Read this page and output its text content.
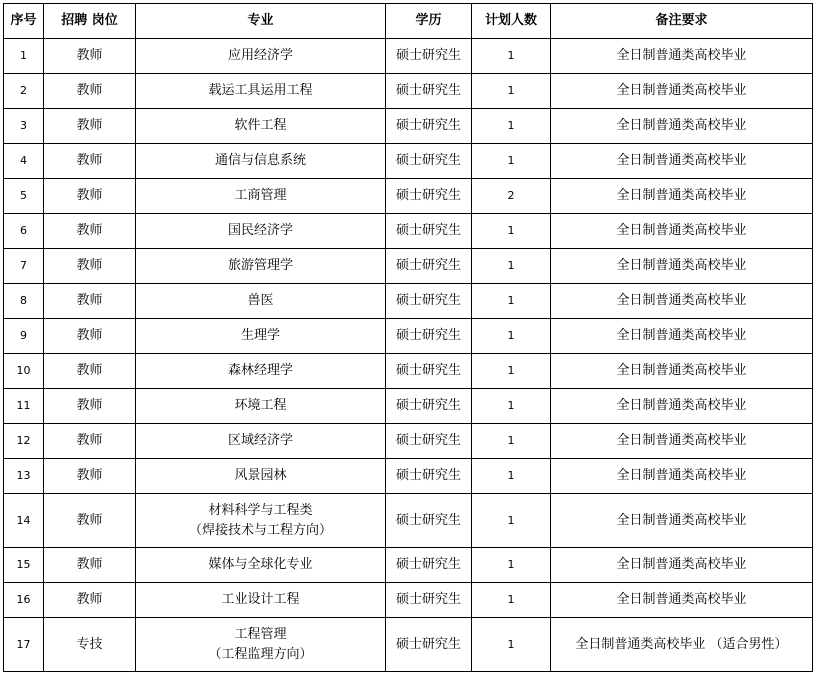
序号	招聘 岗位	专业	学历	计划人数	备注要求
1	教师	应用经济学	硕士研究生	1	全日制普通类高校毕业
2	教师	载运工具运用工程	硕士研究生	1	全日制普通类高校毕业
3	教师	软件工程	硕士研究生	1	全日制普通类高校毕业
4	教师	通信与信息系统	硕士研究生	1	全日制普通类高校毕业
5	教师	工商管理	硕士研究生	2	全日制普通类高校毕业
6	教师	国民经济学	硕士研究生	1	全日制普通类高校毕业
7	教师	旅游管理学	硕士研究生	1	全日制普通类高校毕业
8	教师	兽医	硕士研究生	1	全日制普通类高校毕业
9	教师	生理学	硕士研究生	1	全日制普通类高校毕业
10	教师	森林经理学	硕士研究生	1	全日制普通类高校毕业
11	教师	环境工程	硕士研究生	1	全日制普通类高校毕业
12	教师	区域经济学	硕士研究生	1	全日制普通类高校毕业
13	教师	风景园林	硕士研究生	1	全日制普通类高校毕业
14	教师	材料科学与工程类
（焊接技术与工程方向）	硕士研究生	1	全日制普通类高校毕业
15	教师	媒体与全球化专业	硕士研究生	1	全日制普通类高校毕业
16	教师	工业设计工程	硕士研究生	1	全日制普通类高校毕业
17	专技	工程管理
（工程监理方向）	硕士研究生	1	全日制普通类高校毕业 （适合男性）
